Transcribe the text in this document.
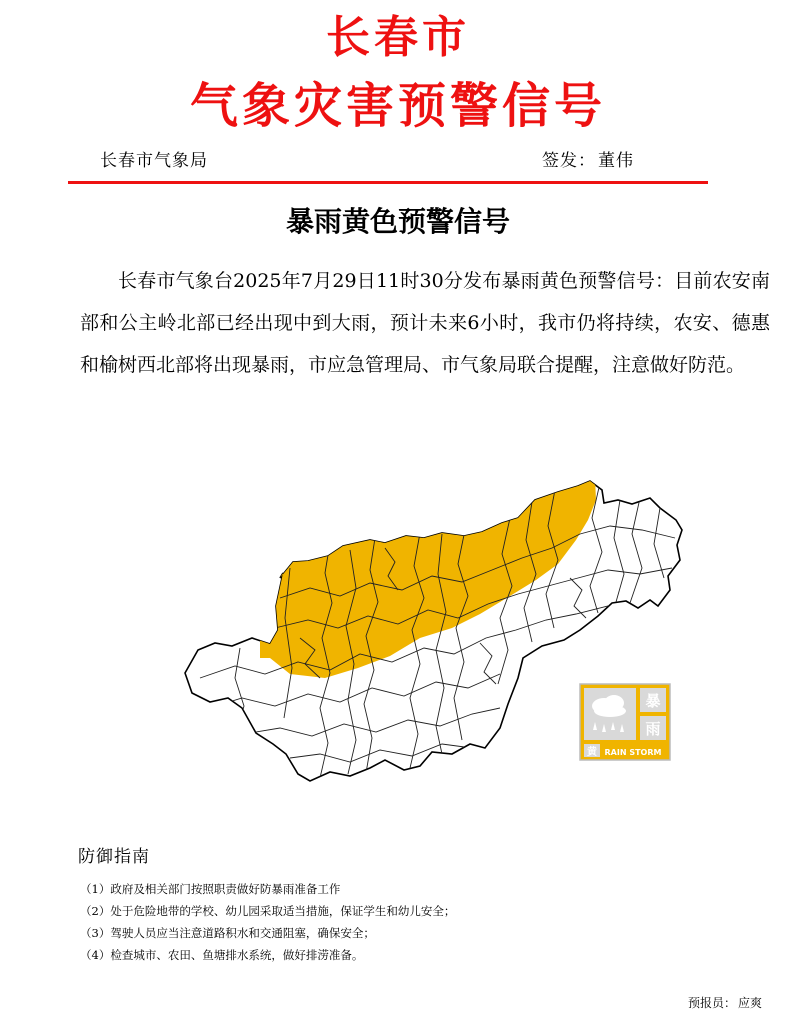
长春市
气象灾害预警信号
长春市气象局	签发： 董伟
暴雨黄色预警信号

长春市气象台2025年7月29日11时30分发布暴雨黄色预警信号：目前农安南部和公主岭北部已经出现中到大雨，预计未来6小时，我市仍将持续，农安、德惠和榆树西北部将出现暴雨，市应急管理局、市气象局联合提醒，注意做好防范。

暴
雨
黄 RAIN STORM
防御指南
（1）政府及相关部门按照职责做好防暴雨准备工作
（2）处于危险地带的学校、幼儿园采取适当措施，保证学生和幼儿安全；
（3）驾驶人员应当注意道路积水和交通阻塞，确保安全；
（4）检查城市、农田、鱼塘排水系统，做好排涝准备。
预报员： 应爽
